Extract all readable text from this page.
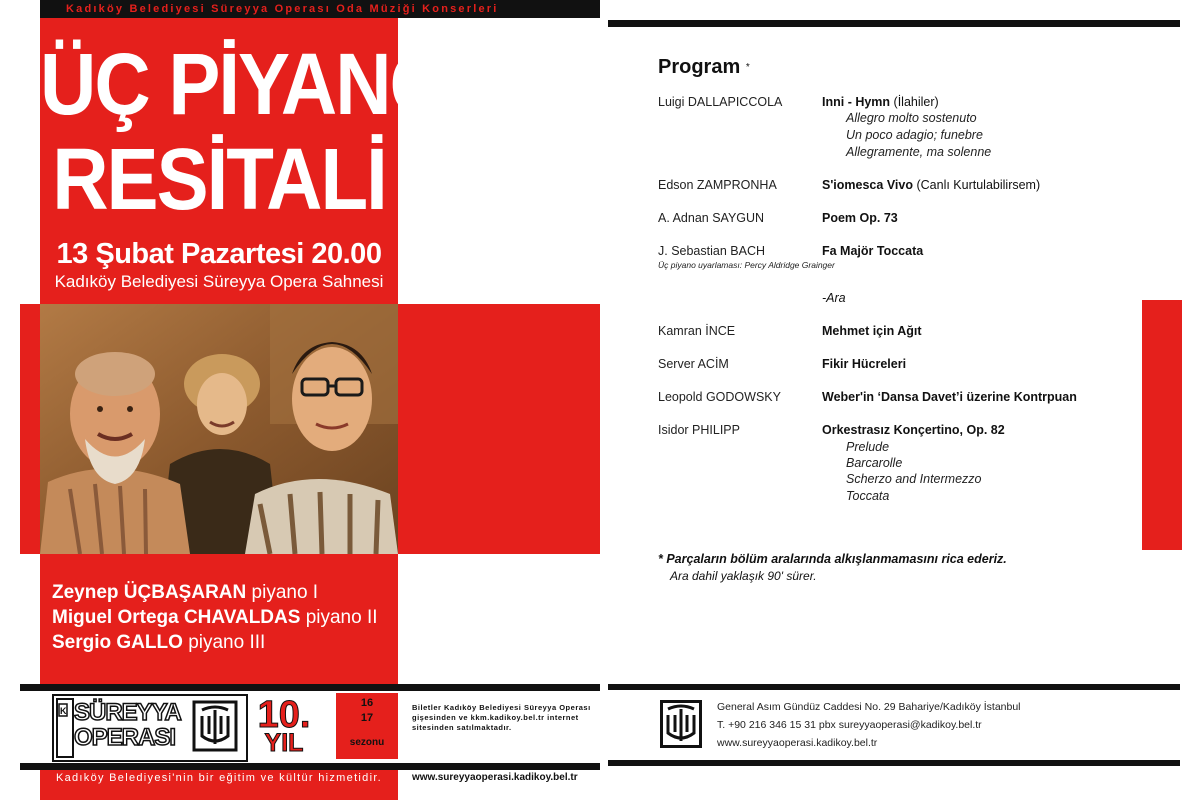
Kadıköy Belediyesi Süreyya Operası Oda Müziği Konserleri
ÜÇ PİYANO
RESİTALİ
13 Şubat Pazartesi 20.00
Kadıköy Belediyesi Süreyya Opera Sahnesi
Zeynep ÜÇBAŞARAN piyano I
Miguel Ortega CHAVALDAS piyano II
Sergio GALLO piyano III
K SÜREYYA
OPERASI
10.
YIL
16
17
sezonu
Biletler Kadıköy Belediyesi Süreyya Operası gişesinden ve kkm.kadikoy.bel.tr internet sitesinden satılmaktadır.
Kadıköy Belediyesi'nin bir eğitim ve kültür hizmetidir.	www.sureyyaoperasi.kadikoy.bel.tr
Program *
Luigi DALLAPICCOLA	Inni - Hymn (İlahiler)
Allegro molto sostenuto
Un poco adagio; funebre
Allegramente, ma solenne
Edson ZAMPRONHA	S'iomesca Vivo (Canlı Kurtulabilirsem)
A. Adnan SAYGUN	Poem Op. 73
J. Sebastian BACH	Fa Majör Toccata
Üç piyano uyarlaması: Percy Aldridge Grainger
-Ara
Kamran İNCE	Mehmet için Ağıt
Server ACİM	Fikir Hücreleri
Leopold GODOWSKY	Weber'in ‘Dansa Davet’i üzerine Kontrpuan
Isidor PHILIPP	Orkestrasız Konçertino, Op. 82
Prelude
Barcarolle
Scherzo and Intermezzo
Toccata
* Parçaların bölüm aralarında alkışlanmamasını rica ederiz.
Ara dahil yaklaşık 90' sürer.
General Asım Gündüz Caddesi No. 29 Bahariye/Kadıköy İstanbul
T. +90 216 346 15 31 pbx sureyyaoperasi@kadikoy.bel.tr
www.sureyyaoperasi.kadikoy.bel.tr
